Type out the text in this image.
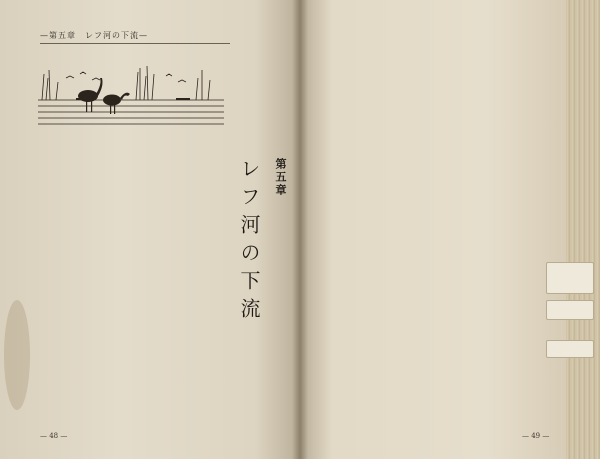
—第五章　レフ河の下流—
第五章
レフ河の下流
— 48 —	— 49 —
